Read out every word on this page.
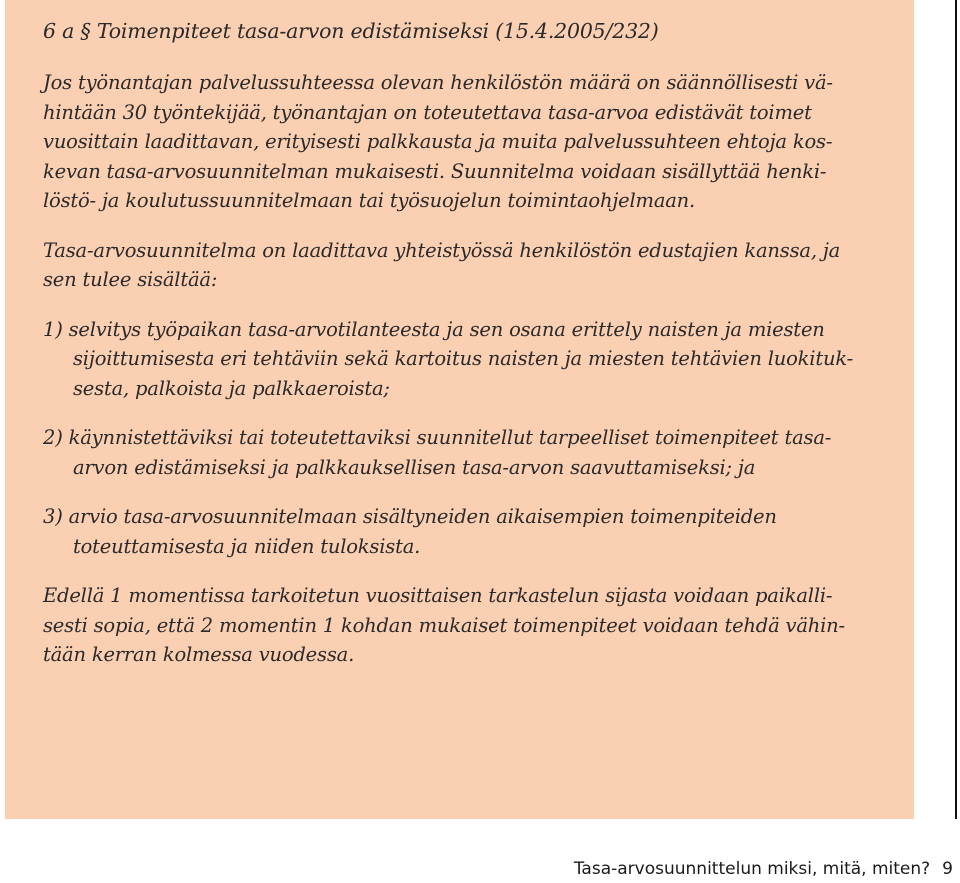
6 a § Toimenpiteet tasa-arvon edistämiseksi (15.4.2005/232)
Jos työnantajan palvelussuhteessa olevan henkilöstön määrä on säännöllisesti vä-
hintään 30 työntekijää, työnantajan on toteutettava tasa-arvoa edistävät toimet
vuosittain laadittavan, erityisesti palkkausta ja muita palvelussuhteen ehtoja kos-
kevan tasa-arvosuunnitelman mukaisesti. Suunnitelma voidaan sisällyttää henki-
löstö- ja koulutussuunnitelmaan tai työsuojelun toimintaohjelmaan.
Tasa-arvosuunnitelma on laadittava yhteistyössä henkilöstön edustajien kanssa, ja
sen tulee sisältää:
1) selvitys työpaikan tasa-arvotilanteesta ja sen osana erittely naisten ja miesten
sijoittumisesta eri tehtäviin sekä kartoitus naisten ja miesten tehtävien luokituk-
sesta, palkoista ja palkkaeroista;
2) käynnistettäviksi tai toteutettaviksi suunnitellut tarpeelliset toimenpiteet tasa-
arvon edistämiseksi ja palkkauksellisen tasa-arvon saavuttamiseksi; ja
3) arvio tasa-arvosuunnitelmaan sisältyneiden aikaisempien toimenpiteiden
toteuttamisesta ja niiden tuloksista.
Edellä 1 momentissa tarkoitetun vuosittaisen tarkastelun sijasta voidaan paikalli-
sesti sopia, että 2 momentin 1 kohdan mukaiset toimenpiteet voidaan tehdä vähin-
tään kerran kolmessa vuodessa.
Tasa-arvosuunnittelun miksi, mitä, miten? 9
